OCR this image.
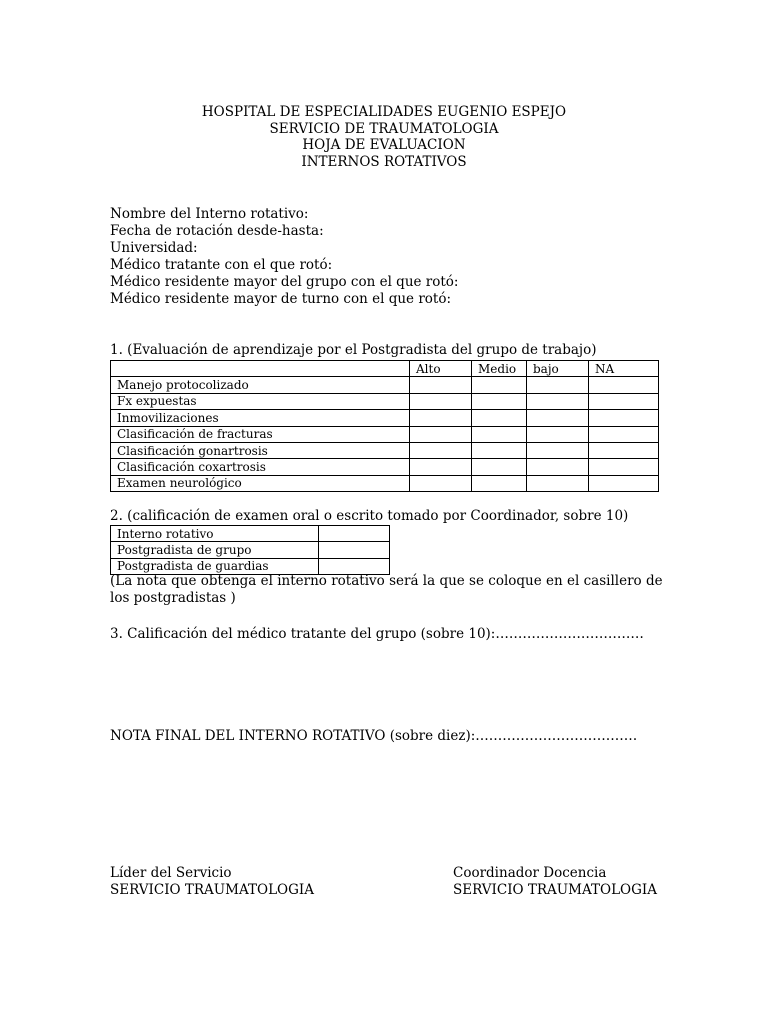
HOSPITAL DE ESPECIALIDADES EUGENIO ESPEJO
SERVICIO DE TRAUMATOLOGIA
HOJA DE EVALUACION
INTERNOS ROTATIVOS
Nombre del Interno rotativo:
Fecha de rotación desde-hasta:
Universidad:
Médico tratante con el que rotó:
Médico residente mayor del grupo con el que rotó:
Médico residente mayor de turno con el que rotó:
1. (Evaluación de aprendizaje por el Postgradista del grupo de trabajo)
	Alto	Medio	bajo	NA
Manejo protocolizado				
Fx expuestas				
Inmovilizaciones				
Clasificación de fracturas				
Clasificación gonartrosis				
Clasificación coxartrosis				
Examen neurológico				
2. (calificación de examen oral o escrito tomado por Coordinador, sobre 10)
Interno rotativo	
Postgradista de grupo	
Postgradista de guardias	
(La nota que obtenga el interno rotativo será la que se coloque en el casillero de los postgradistas )
3. Calificación del médico tratante del grupo (sobre 10):……………………………
NOTA FINAL DEL INTERNO ROTATIVO (sobre diez):………………………………
Líder del Servicio
SERVICIO TRAUMATOLOGIA
Coordinador Docencia
SERVICIO TRAUMATOLOGIA
